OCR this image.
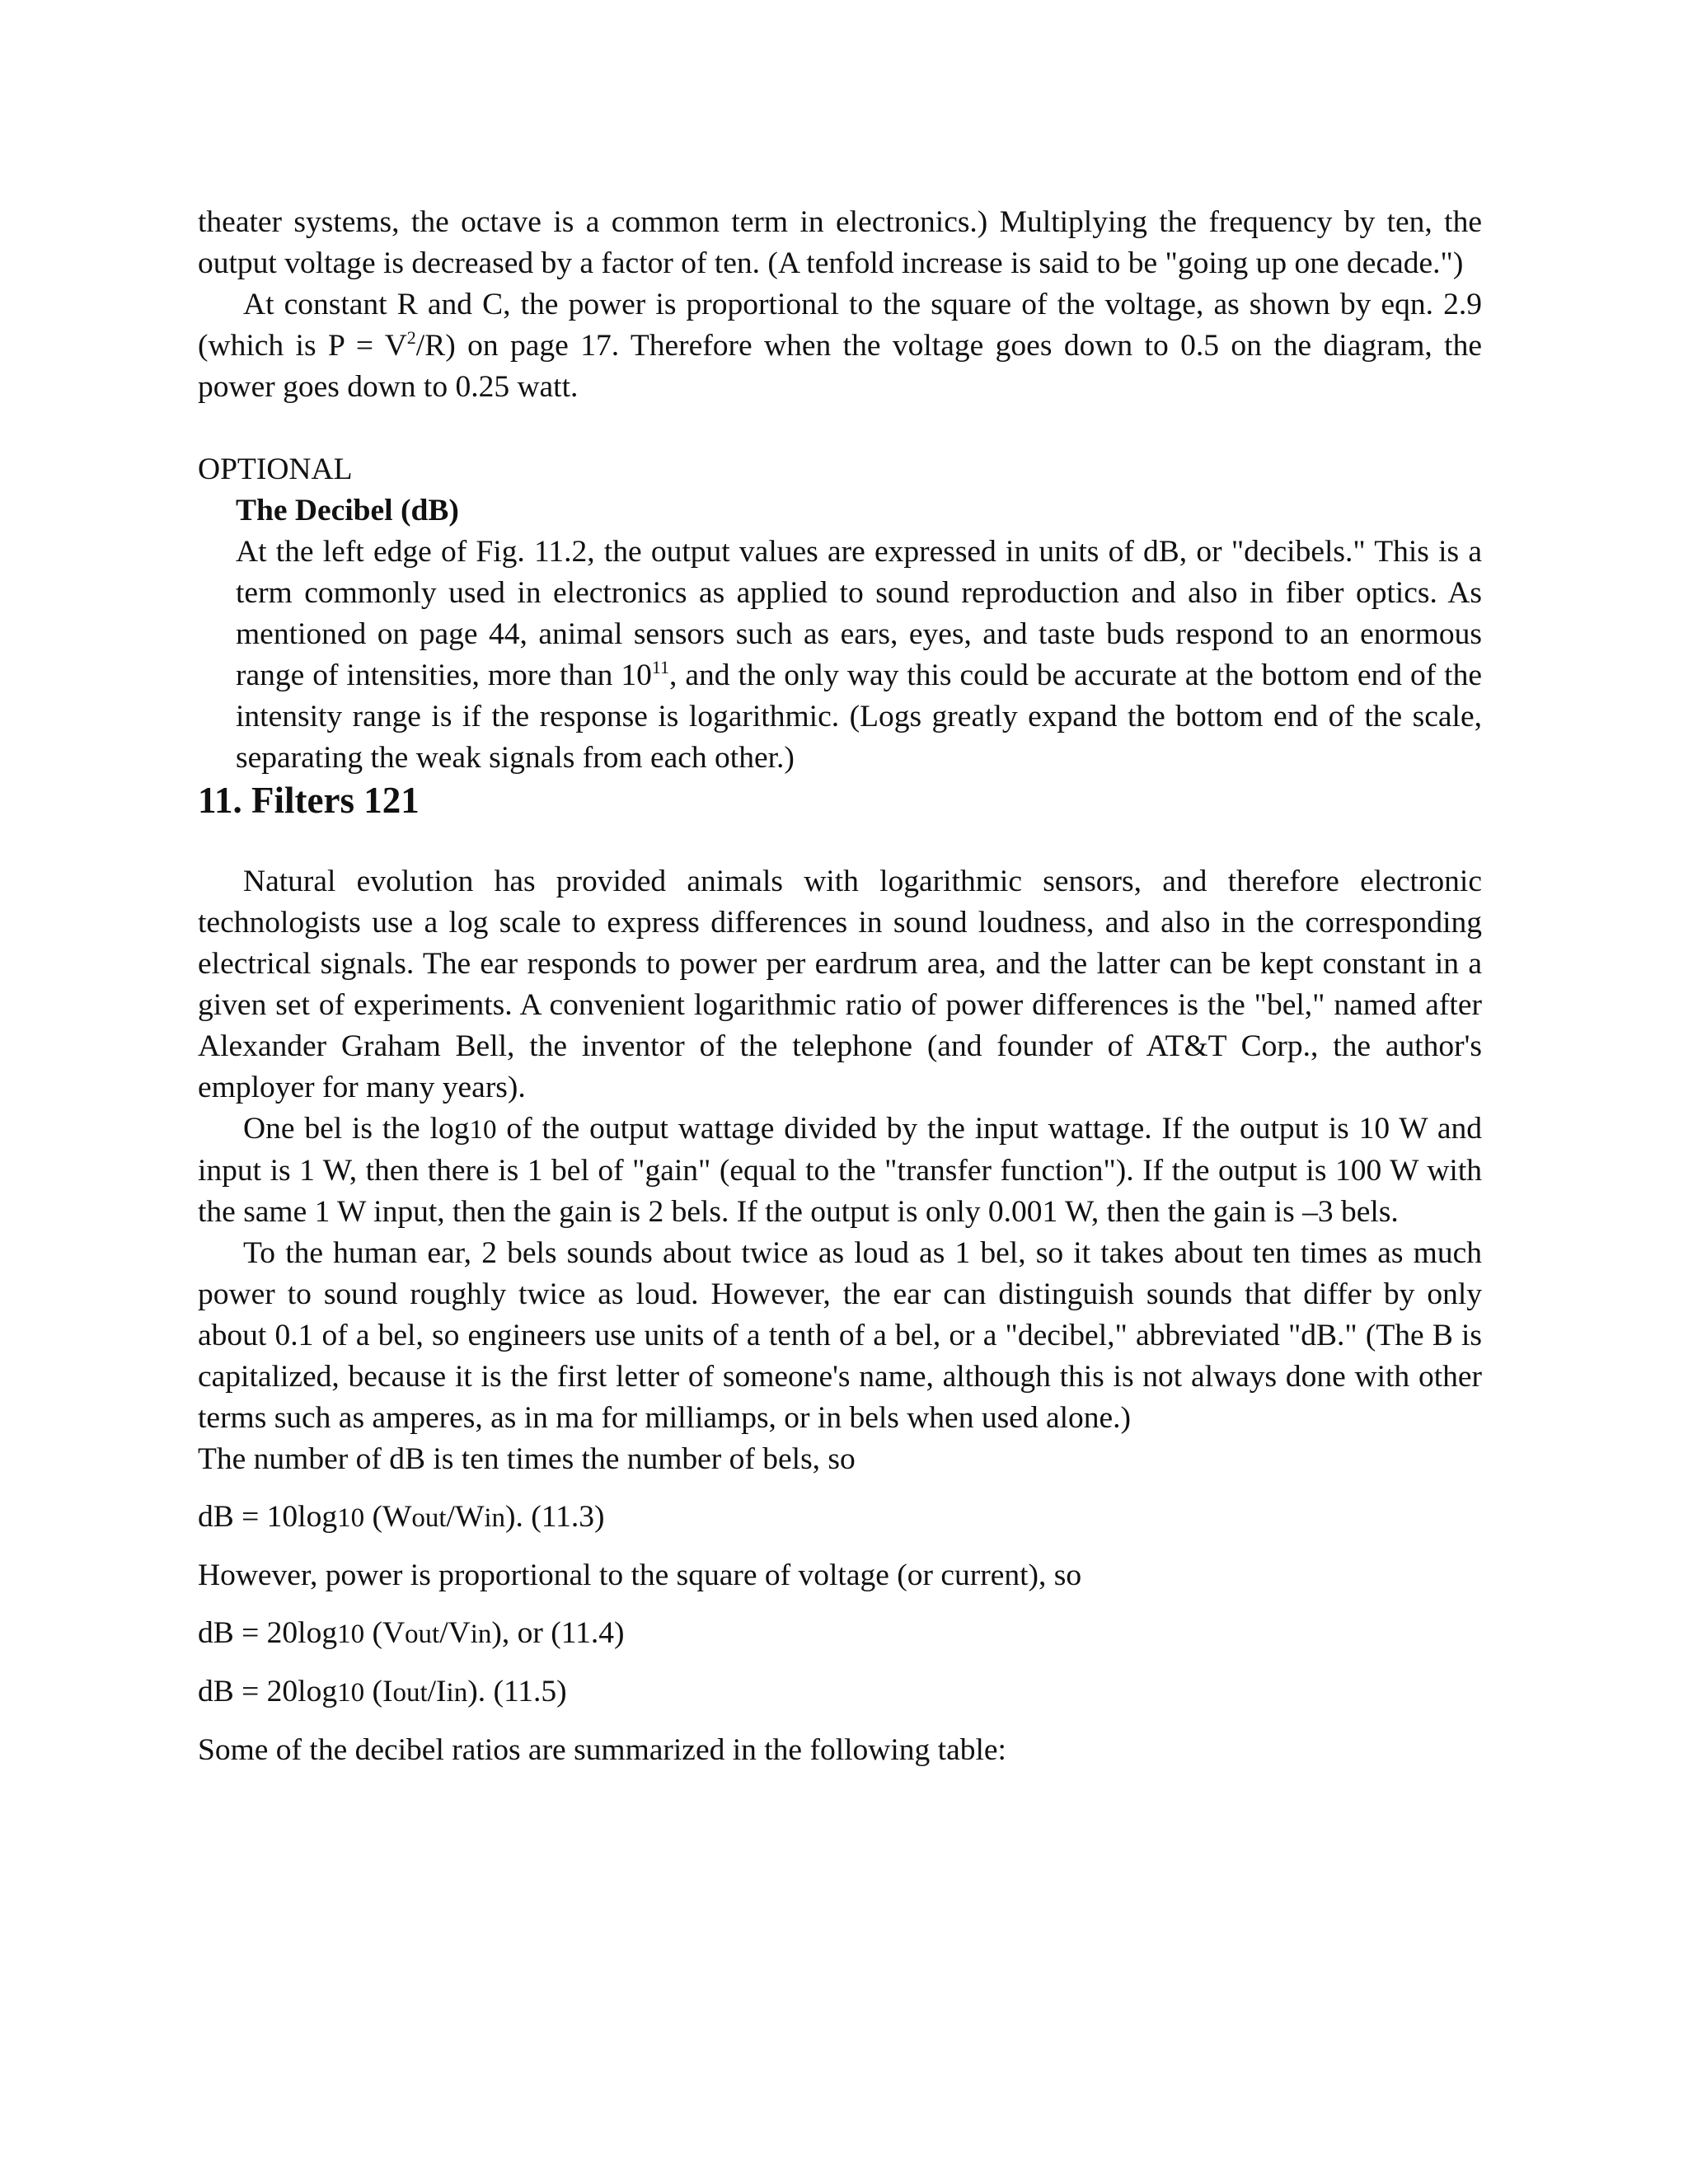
theater systems, the octave is a common term in electronics.) Multiplying the frequency by ten, the output voltage is decreased by a factor of ten. (A tenfold increase is said to be "going up one decade.")

At constant R and C, the power is proportional to the square of the voltage, as shown by eqn. 2.9 (which is $P = V^2/R$) on page 17. Therefore when the voltage goes down to 0.5 on the diagram, the power goes down to 0.25 watt.

OPTIONAL

The Decibel (dB)

At the left edge of Fig. 11.2, the output values are expressed in units of dB, or "decibels." This is a term commonly used in electronics as applied to sound reproduction and also in fiber optics. As mentioned on page 44, animal sensors such as ears, eyes, and taste buds respond to an enormous range of intensities, more than $10^{11}$, and the only way this could be accurate at the bottom end of the intensity range is if the response is logarithmic. (Logs greatly expand the bottom end of the scale, separating the weak signals from each other.)

11. Filters 121

Natural evolution has provided animals with logarithmic sensors, and therefore electronic technologists use a log scale to express differences in sound loudness, and also in the corresponding electrical signals. The ear responds to power per eardrum area, and the latter can be kept constant in a given set of experiments. A convenient logarithmic ratio of power differences is the "bel," named after Alexander Graham Bell, the inventor of the telephone (and founder of AT&T Corp., the author's employer for many years).

One bel is the log10 of the output wattage divided by the input wattage. If the output is 10 W and input is 1 W, then there is 1 bel of "gain" (equal to the "transfer function"). If the output is 100 W with the same 1 W input, then the gain is 2 bels. If the output is only 0.001 W, then the gain is –3 bels.

To the human ear, 2 bels sounds about twice as loud as 1 bel, so it takes about ten times as much power to sound roughly twice as loud. However, the ear can distinguish sounds that differ by only about 0.1 of a bel, so engineers use units of a tenth of a bel, or a "decibel," abbreviated "dB." (The B is capitalized, because it is the first letter of someone's name, although this is not always done with other terms such as amperes, as in ma for milliamps, or in bels when used alone.)

The number of dB is ten times the number of bels, so

dB = 10log10 (Wout/Win). (11.3)

However, power is proportional to the square of voltage (or current), so

dB = 20log10 (Vout/Vin), or (11.4)

dB = 20log10 (Iout/Iin). (11.5)

Some of the decibel ratios are summarized in the following table:
